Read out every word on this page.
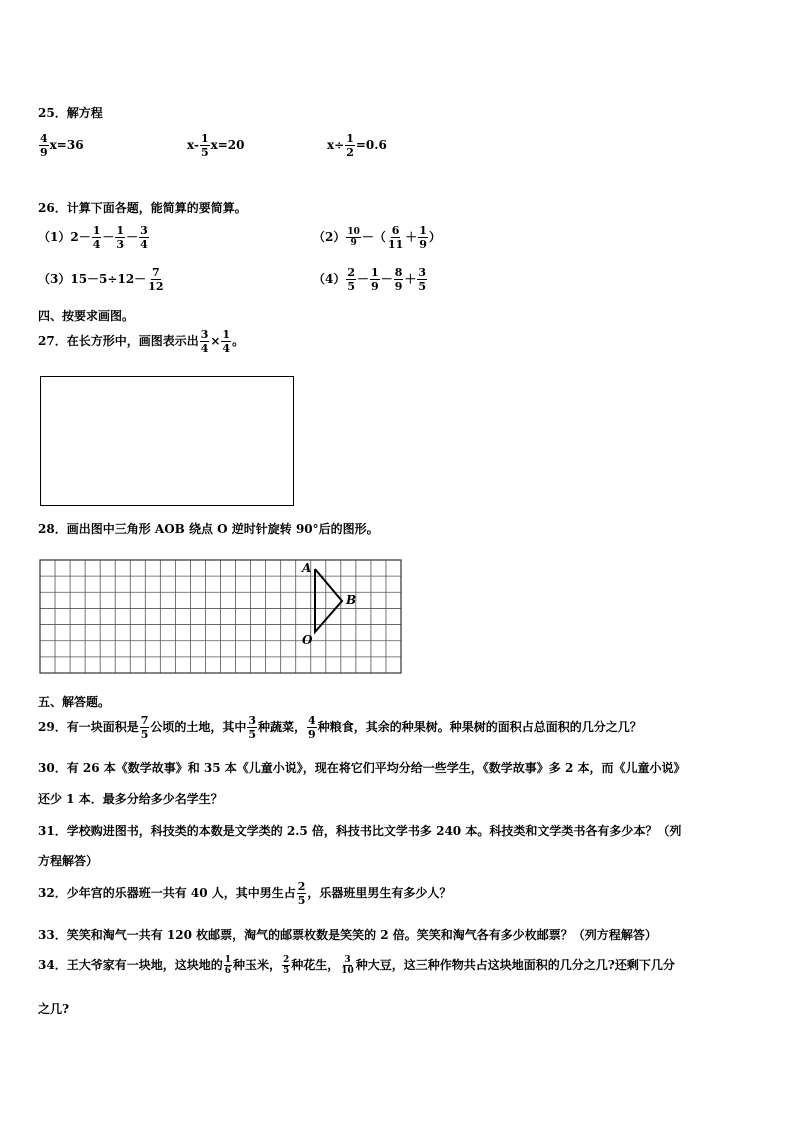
25．解方程
$\frac{4}{9} x=36$	$x- \frac{1}{5} x=20$	$x\div \frac{1}{2} =0.6$
26．计算下面各题，能简算的要简算。
$(1)2- \frac{1}{4} - \frac{1}{3} - \frac{3}{4}$	$(2) \frac{10}{9}$ －（ $\frac{6}{11} + \frac{1}{9}$ ）
$(3)15-5\div 12- \frac{7}{12}$	$(4) \frac{2}{5} - \frac{1}{9} - \frac{8}{9} + \frac{3}{5}$
四、按要求画图。
27．在长方形中，画图表示出 $\frac{3}{4} \times \frac{1}{4}$ 。
28．画出图中三角形 AOB 绕点 O 逆时针旋转 90°后的图形。
A
B
O
五、解答题。
29．有一块面积是 $\frac{7}{5}$ 公顷的土地，其中 $\frac{3}{5}$ 种蔬菜， $\frac{4}{9}$ 种粮食，其余的种果树。种果树的面积占总面积的几分之几？
30．有 26 本《数学故事》和 35 本《儿童小说》，现在将它们平均分给一些学生，《数学故事》多 2 本，而《儿童小说》
还少 1 本．最多分给多少名学生？
31．学校购进图书，科技类的本数是文学类的 2.5 倍，科技书比文学书多 240 本。科技类和文学类书各有多少本？（列
方程解答）
32．少年宫的乐器班一共有 40 人，其中男生占 $\frac{2}{5}$ ，乐器班里男生有多少人？
33．笑笑和淘气一共有 120 枚邮票，淘气的邮票枚数是笑笑的 2 倍。笑笑和淘气各有多少枚邮票？（列方程解答）
34．王大爷家有一块地，这块地的 $\frac{1}{6}$ 种玉米， $\frac{2}{5}$ 种花生， $\frac{3}{10}$ 种大豆，这三种作物共占这块地面积的几分之几?还剩下几分
之几?
